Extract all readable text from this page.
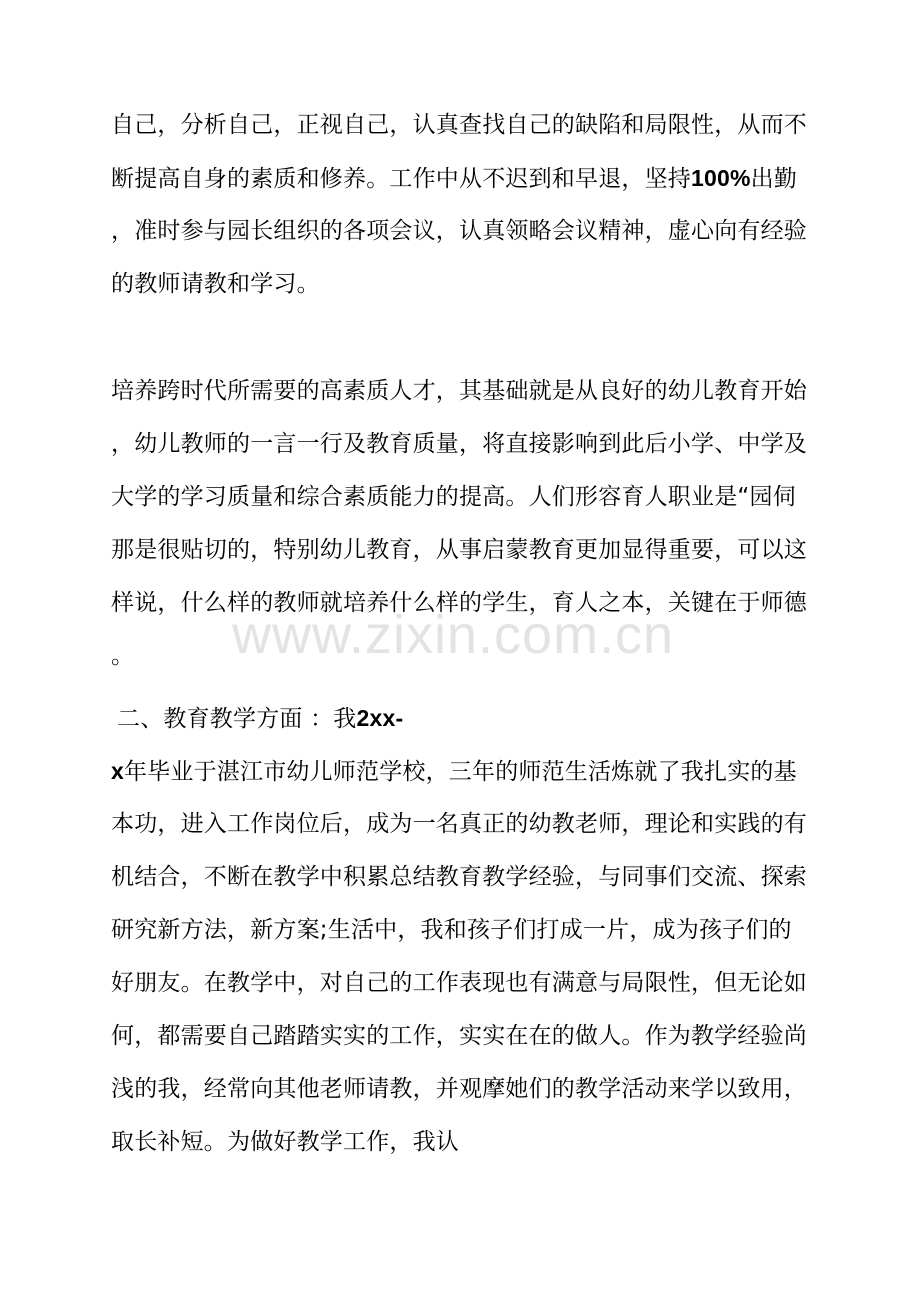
自己，分析自己，正视自己，认真查找自己的缺陷和局限性，从而不
断提高自身的素质和修养。工作中从不迟到和早退，坚持100%出勤
，准时参与园长组织的各项会议，认真领略会议精神，虚心向有经验
的教师请教和学习。
培养跨时代所需要的高素质人才，其基础就是从良好的幼儿教育开始
，幼儿教师的一言一行及教育质量，将直接影响到此后小学、中学及
大学的学习质量和综合素质能力的提高。人们形容育人职业是“园伺
那是很贴切的，特别幼儿教育，从事启蒙教育更加显得重要，可以这
样说，什么样的教师就培养什么样的学生，育人之本，关键在于师德
。
二、教育教学方面 ：我2xx-
x年毕业于湛江市幼儿师范学校，三年的师范生活炼就了我扎实的基
本功，进入工作岗位后，成为一名真正的幼教老师，理论和实践的有
机结合，不断在教学中积累总结教育教学经验，与同事们交流、探索
研究新方法，新方案;生活中，我和孩子们打成一片，成为孩子们的
好朋友。在教学中，对自己的工作表现也有满意与局限性，但无论如
何，都需要自己踏踏实实的工作，实实在在的做人。作为教学经验尚
浅的我，经常向其他老师请教，并观摩她们的教学活动来学以致用，
取长补短。为做好教学工作，我认
www.zixin.com.cn
